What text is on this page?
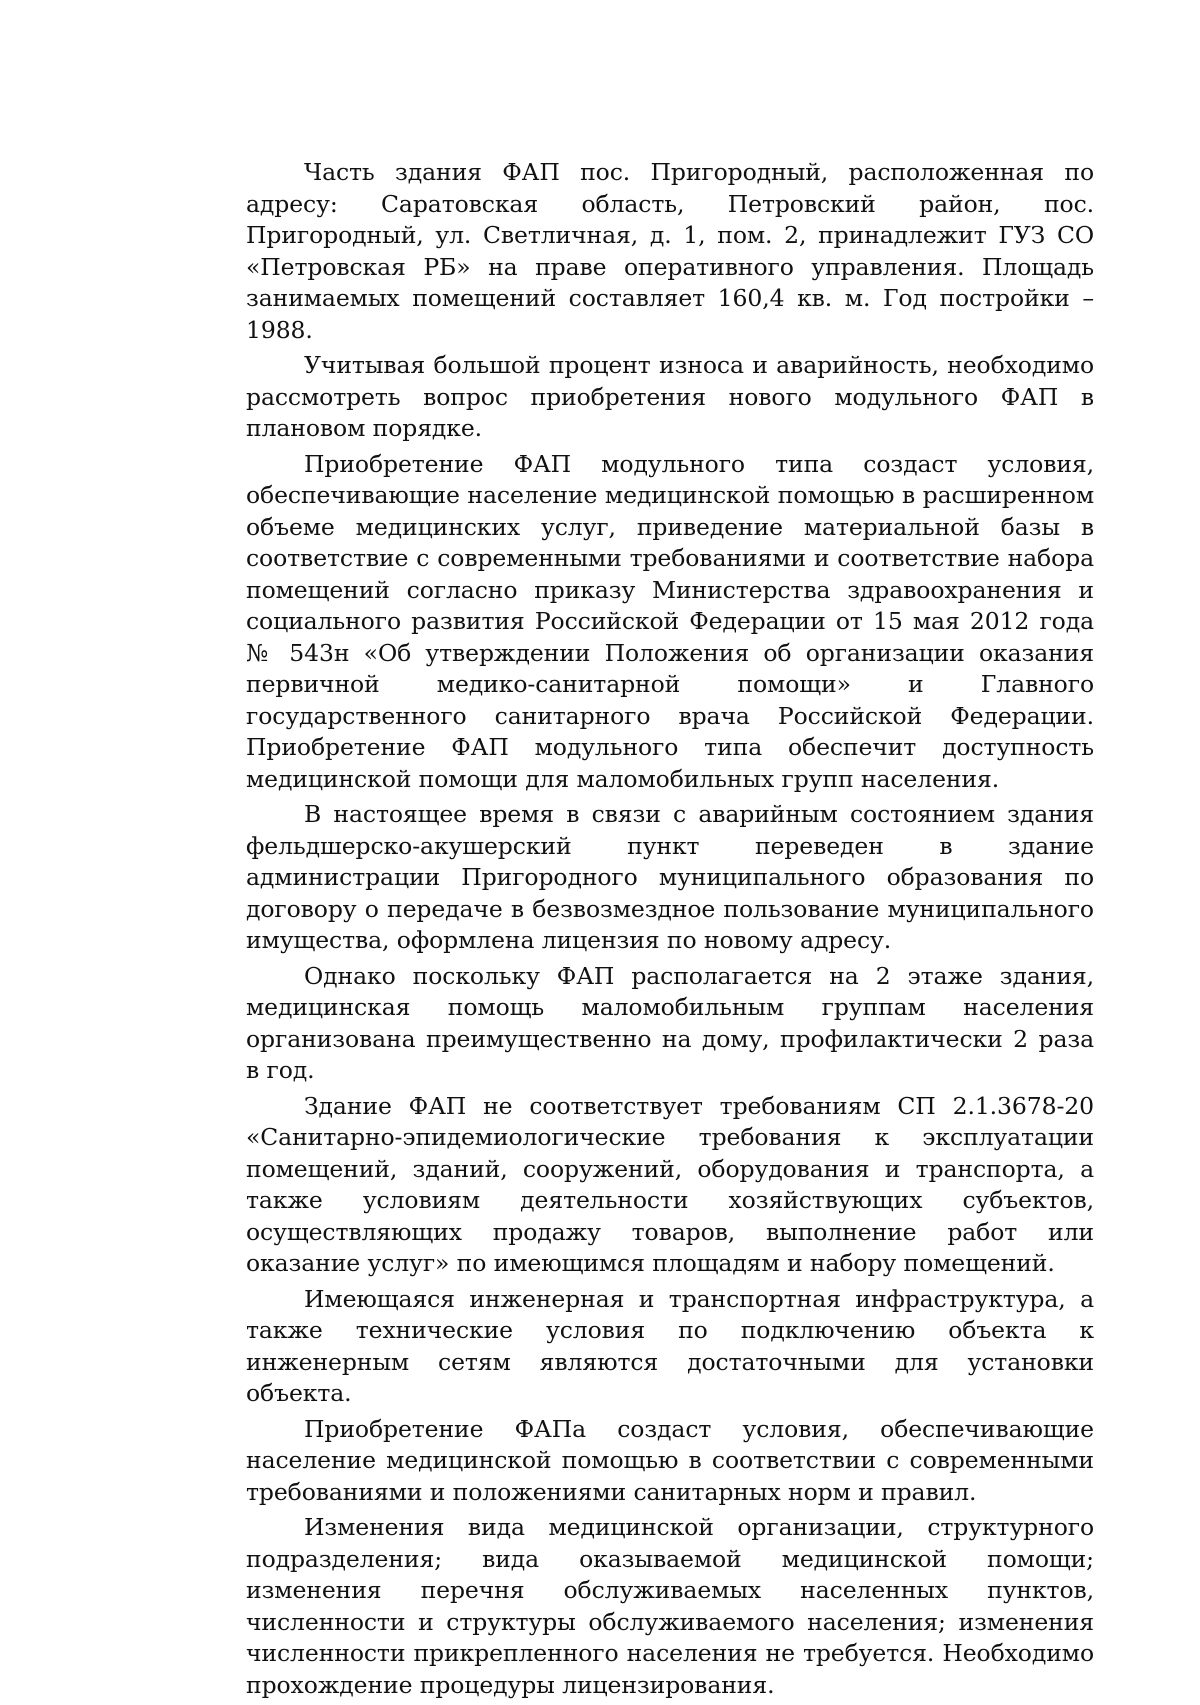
Часть здания ФАП пос. Пригородный, расположенная по адресу: Саратовская область, Петровский район, пос. Пригородный, ул. Светличная, д. 1, пом. 2, принадлежит ГУЗ СО «Петровская РБ» на праве оперативного управления. Площадь занимаемых помещений составляет 160,4 кв. м. Год постройки – 1988.

Учитывая большой процент износа и аварийность, необходимо рассмотреть вопрос приобретения нового модульного ФАП в плановом порядке.

Приобретение ФАП модульного типа создаст условия, обеспечивающие население медицинской помощью в расширенном объеме медицинских услуг, приведение материальной базы в соответствие с современными требованиями и соответствие набора помещений согласно приказу Министерства здравоохранения и социального развития Российской Федерации от 15 мая 2012 года № 543н «Об утверждении Положения об организации оказания первичной медико-санитарной помощи» и Главного государственного санитарного врача Российской Федерации. Приобретение ФАП модульного типа обеспечит доступность медицинской помощи для маломобильных групп населения.

В настоящее время в связи с аварийным состоянием здания фельдшерско-акушерский пункт переведен в здание администрации Пригородного муниципального образования по договору о передаче в безвозмездное пользование муниципального имущества, оформлена лицензия по новому адресу.

Однако поскольку ФАП располагается на 2 этаже здания, медицинская помощь маломобильным группам населения организована преимущественно на дому, профилактически 2 раза в год.

Здание ФАП не соответствует требованиям СП 2.1.3678-20 «Санитарно-эпидемиологические требования к эксплуатации помещений, зданий, сооружений, оборудования и транспорта, а также условиям деятельности хозяйствующих субъектов, осуществляющих продажу товаров, выполнение работ или оказание услуг» по имеющимся площадям и набору помещений.

Имеющаяся инженерная и транспортная инфраструктура, а также технические условия по подключению объекта к инженерным сетям являются достаточными для установки объекта.

Приобретение ФАПа создаст условия, обеспечивающие население медицинской помощью в соответствии с современными требованиями и положениями санитарных норм и правил.

Изменения вида медицинской организации, структурного подразделения; вида оказываемой медицинской помощи; изменения перечня обслуживаемых населенных пунктов, численности и структуры обслуживаемого населения; изменения численности прикрепленного населения не требуется. Необходимо прохождение процедуры лицензирования.
